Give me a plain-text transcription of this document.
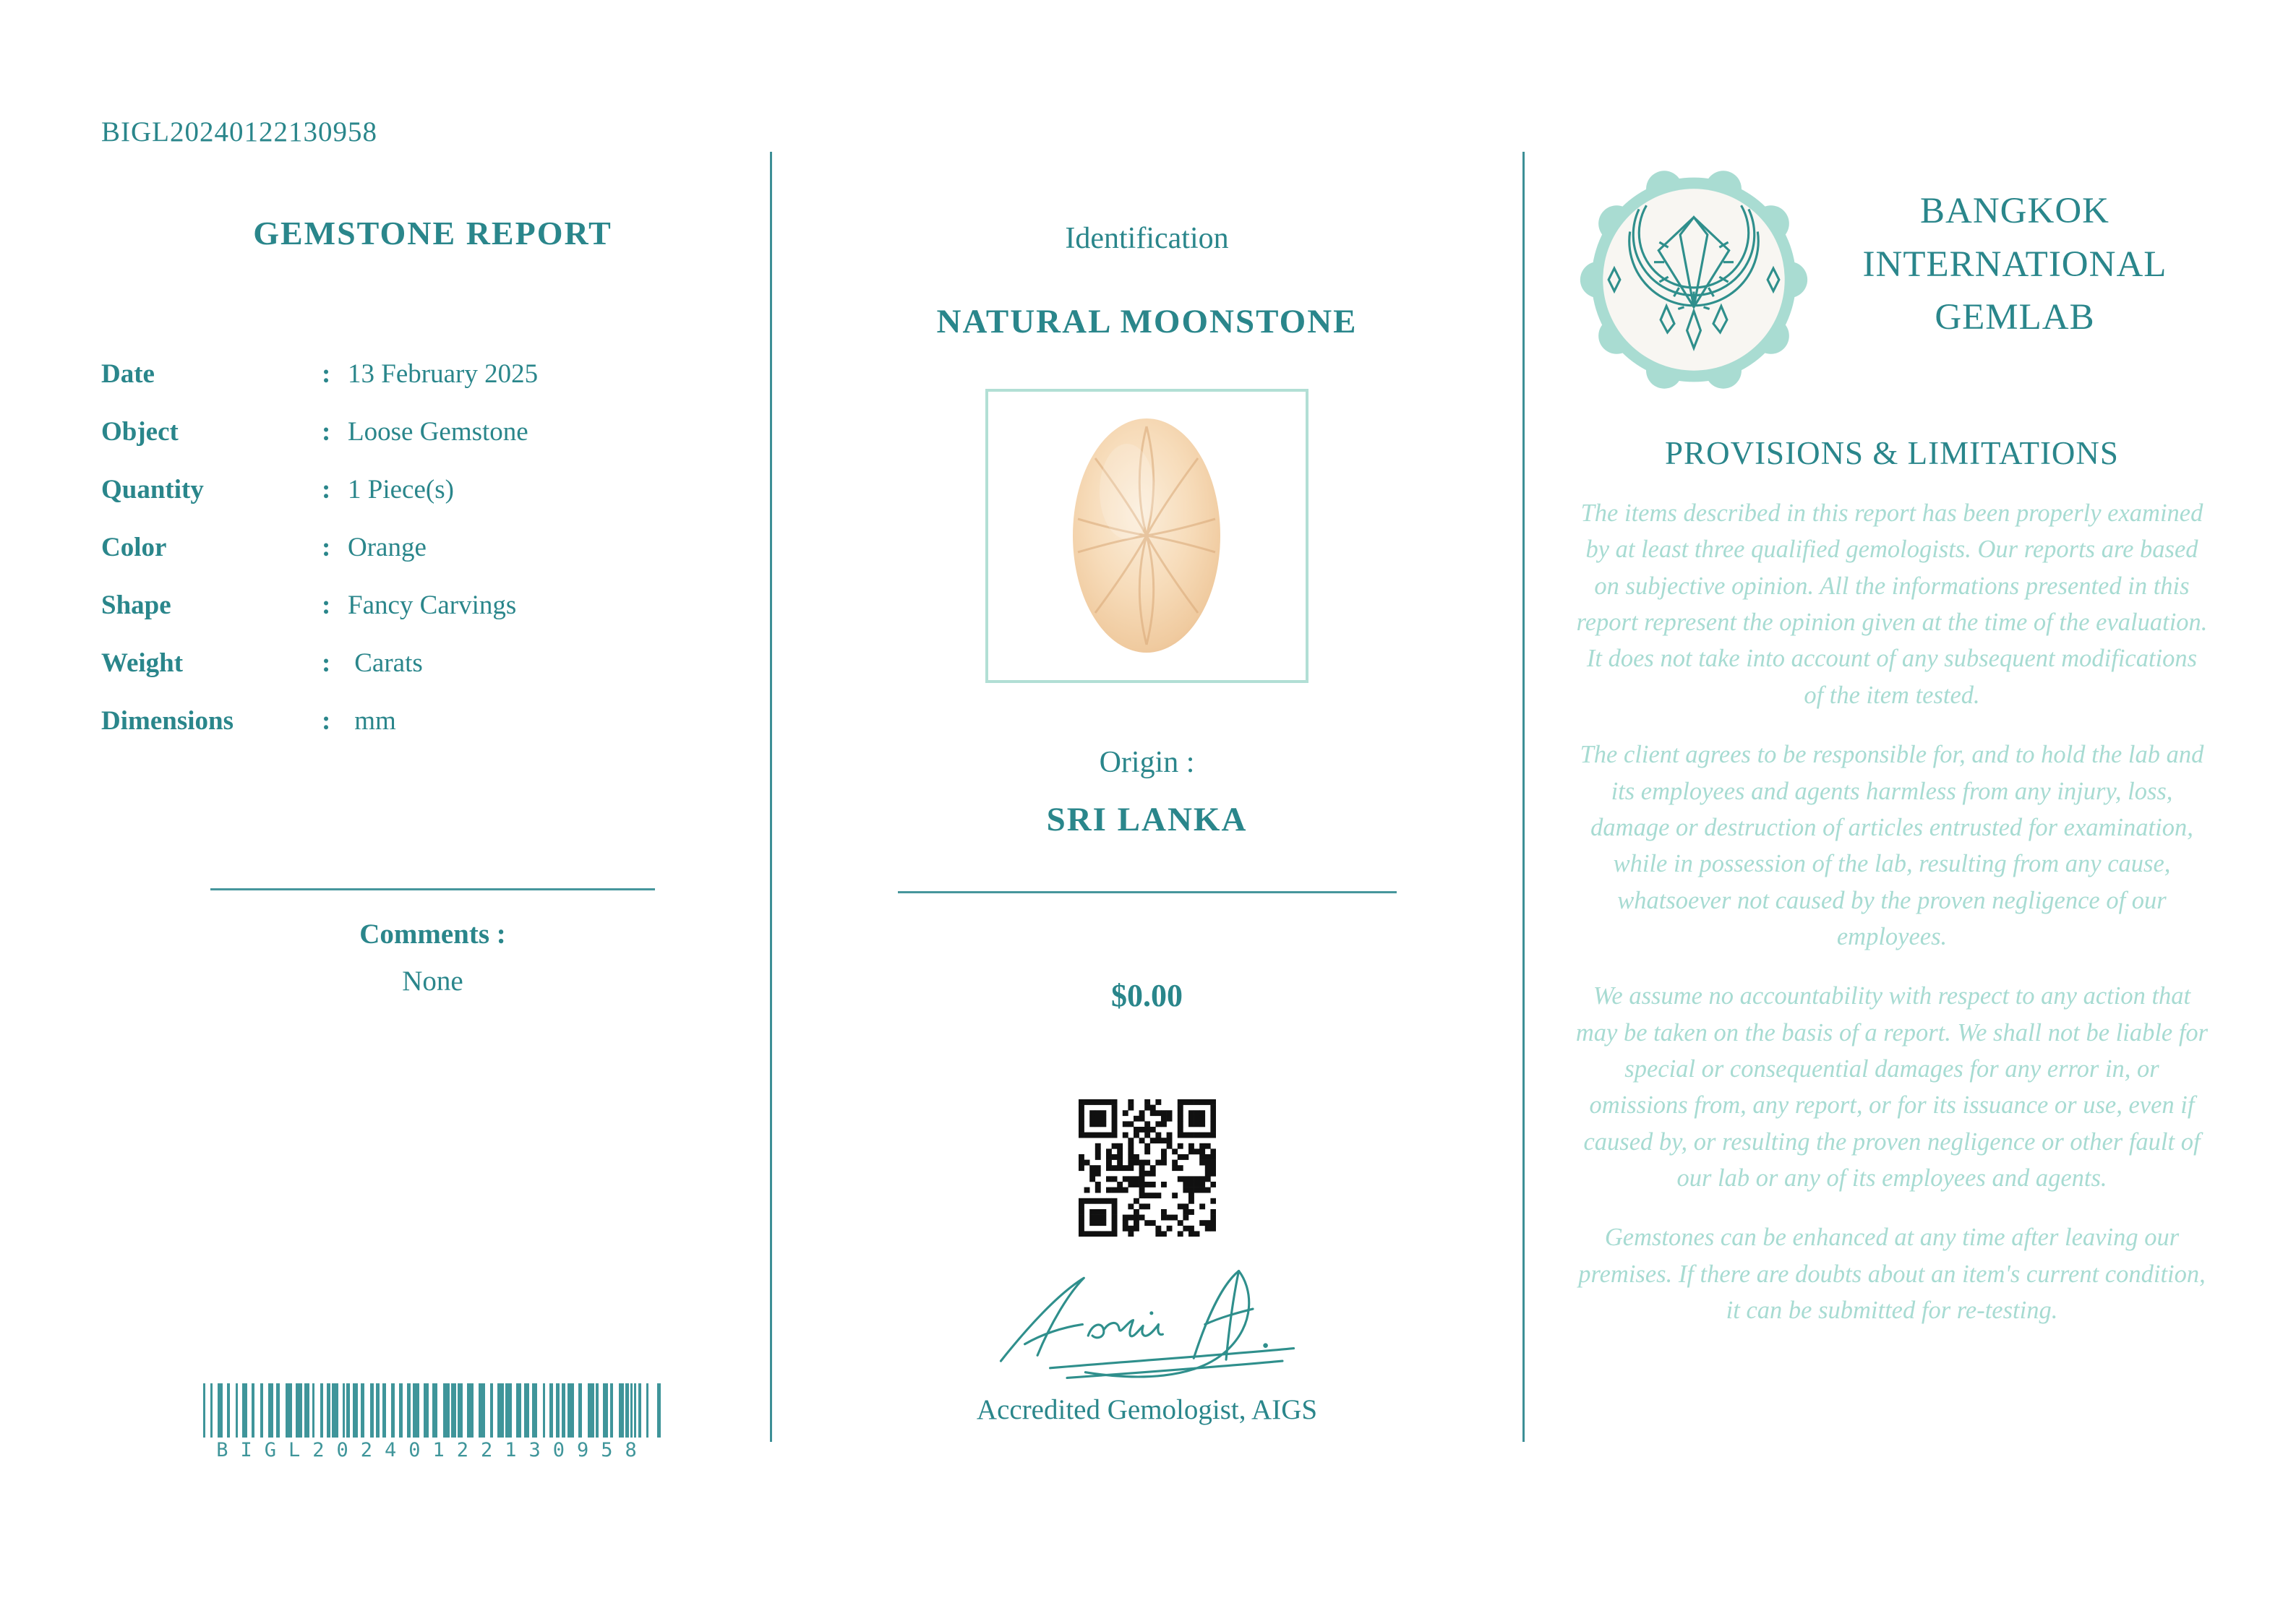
BIGL20240122130958
GEMSTONE REPORT
Date	: 13 February 2025
Object	: Loose Gemstone
Quantity	: 1 Piece(s)
Color	: Orange
Shape	: Fancy Carvings
Weight	: Carats
Dimensions	: mm
Comments :
None
BIGL20240122130958
Identification
NATURAL MOONSTONE
Origin :
SRI LANKA
$0.00
Accredited Gemologist, AIGS
BANGKOK
INTERNATIONAL
GEMLAB
PROVISIONS & LIMITATIONS
The items described in this report has been properly examined by at least three qualified gemologists. Our reports are based on subjective opinion. All the informations presented in this report represent the opinion given at the time of the evaluation. It does not take into account of any subsequent modifications of the item tested.
The client agrees to be responsible for, and to hold the lab and its employees and agents harmless from any injury, loss, damage or destruction of articles entrusted for examination, while in possession of the lab, resulting from any cause, whatsoever not caused by the proven negligence of our employees.
We assume no accountability with respect to any action that may be taken on the basis of a report. We shall not be liable for special or consequential damages for any error in, or omissions from, any report, or for its issuance or use, even if caused by, or resulting the proven negligence or other fault of our lab or any of its employees and agents.
Gemstones can be enhanced at any time after leaving our premises. If there are doubts about an item's current condition, it can be submitted for re-testing.
